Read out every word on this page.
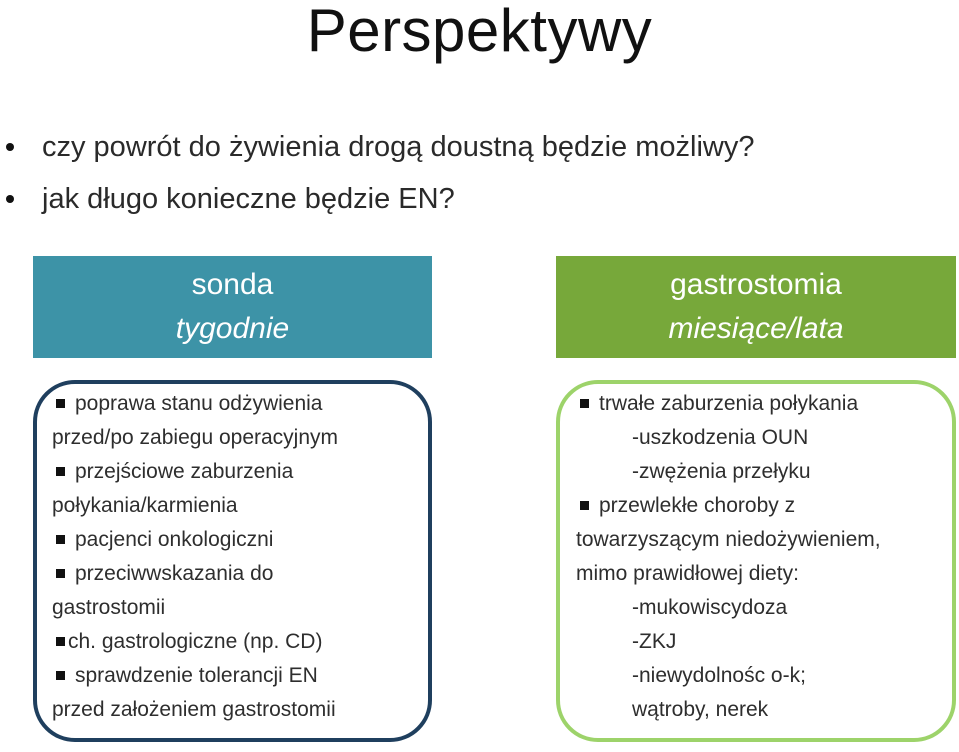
Perspektywy
czy powrót do żywienia drogą doustną będzie możliwy?
jak długo konieczne będzie EN?
sonda
tygodnie
gastrostomia
miesiące/lata
poprawa stanu odżywienia
przed/po zabiegu operacyjnym
przejściowe zaburzenia
połykania/karmienia
pacjenci onkologiczni
przeciwwskazania do
gastrostomii
ch. gastrologiczne (np. CD)
sprawdzenie tolerancji EN
przed założeniem gastrostomii
trwałe zaburzenia połykania
-uszkodzenia OUN
-zwężenia przełyku
przewlekłe choroby z
towarzyszącym niedożywieniem,
mimo prawidłowej diety:
-mukowiscydoza
-ZKJ
-niewydolnośc o-k;
wątroby, nerek
